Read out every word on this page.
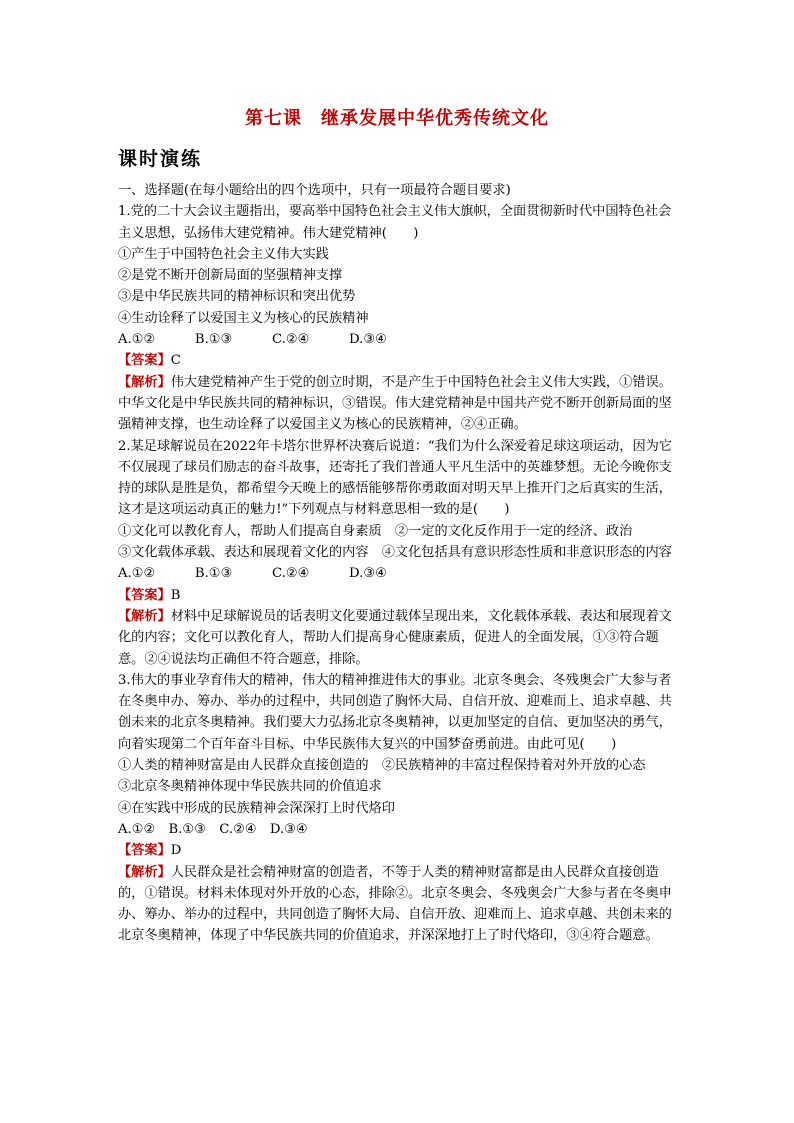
第七课　继承发展中华优秀传统文化
课时演练

一、选择题(在每小题给出的四个选项中，只有一项最符合题目要求)

1.党的二十大会议主题指出，要高举中国特色社会主义伟大旗帜，全面贯彻新时代中国特色社会主义思想，弘扬伟大建党精神。伟大建党精神(　　)

①产生于中国特色社会主义伟大实践

②是党不断开创新局面的坚强精神支撑

③是中华民族共同的精神标识和突出优势

④生动诠释了以爱国主义为核心的民族精神

A.①②　　　B.①③　　　C.②④　　　D.③④

【答案】C

【解析】伟大建党精神产生于党的创立时期，不是产生于中国特色社会主义伟大实践，①错误。中华文化是中华民族共同的精神标识，③错误。伟大建党精神是中国共产党不断开创新局面的坚强精神支撑，也生动诠释了以爱国主义为核心的民族精神，②④正确。

2.某足球解说员在2022年卡塔尔世界杯决赛后说道：“我们为什么深爱着足球这项运动，因为它不仅展现了球员们励志的奋斗故事，还寄托了我们普通人平凡生活中的英雄梦想。无论今晚你支持的球队是胜是负，都希望今天晚上的感悟能够帮你勇敢面对明天早上推开门之后真实的生活，这才是这项运动真正的魅力!”下列观点与材料意思相一致的是(　　)

①文化可以教化育人，帮助人们提高自身素质　②一定的文化反作用于一定的经济、政治

③文化载体承载、表达和展现着文化的内容　④文化包括具有意识形态性质和非意识形态的内容

A.①②　　　B.①③　　　C.②④　　　D.③④

【答案】B

【解析】材料中足球解说员的话表明文化要通过载体呈现出来，文化载体承载、表达和展现着文化的内容；文化可以教化育人，帮助人们提高身心健康素质，促进人的全面发展，①③符合题意。②④说法均正确但不符合题意，排除。

3.伟大的事业孕育伟大的精神，伟大的精神推进伟大的事业。北京冬奥会、冬残奥会广大参与者在冬奥申办、筹办、举办的过程中，共同创造了胸怀大局、自信开放、迎难而上、追求卓越、共创未来的北京冬奥精神。我们要大力弘扬北京冬奥精神，以更加坚定的自信、更加坚决的勇气，向着实现第二个百年奋斗目标、中华民族伟大复兴的中国梦奋勇前进。由此可见(　　)

①人类的精神财富是由人民群众直接创造的　②民族精神的丰富过程保持着对外开放的心态

③北京冬奥精神体现中华民族共同的价值追求

④在实践中形成的民族精神会深深打上时代烙印

A.①②　B.①③　C.②④　D.③④

【答案】D

【解析】人民群众是社会精神财富的创造者，不等于人类的精神财富都是由人民群众直接创造的，①错误。材料未体现对外开放的心态，排除②。北京冬奥会、冬残奥会广大参与者在冬奥申办、筹办、举办的过程中，共同创造了胸怀大局、自信开放、迎难而上、追求卓越、共创未来的北京冬奥精神，体现了中华民族共同的价值追求，并深深地打上了时代烙印，③④符合题意。
